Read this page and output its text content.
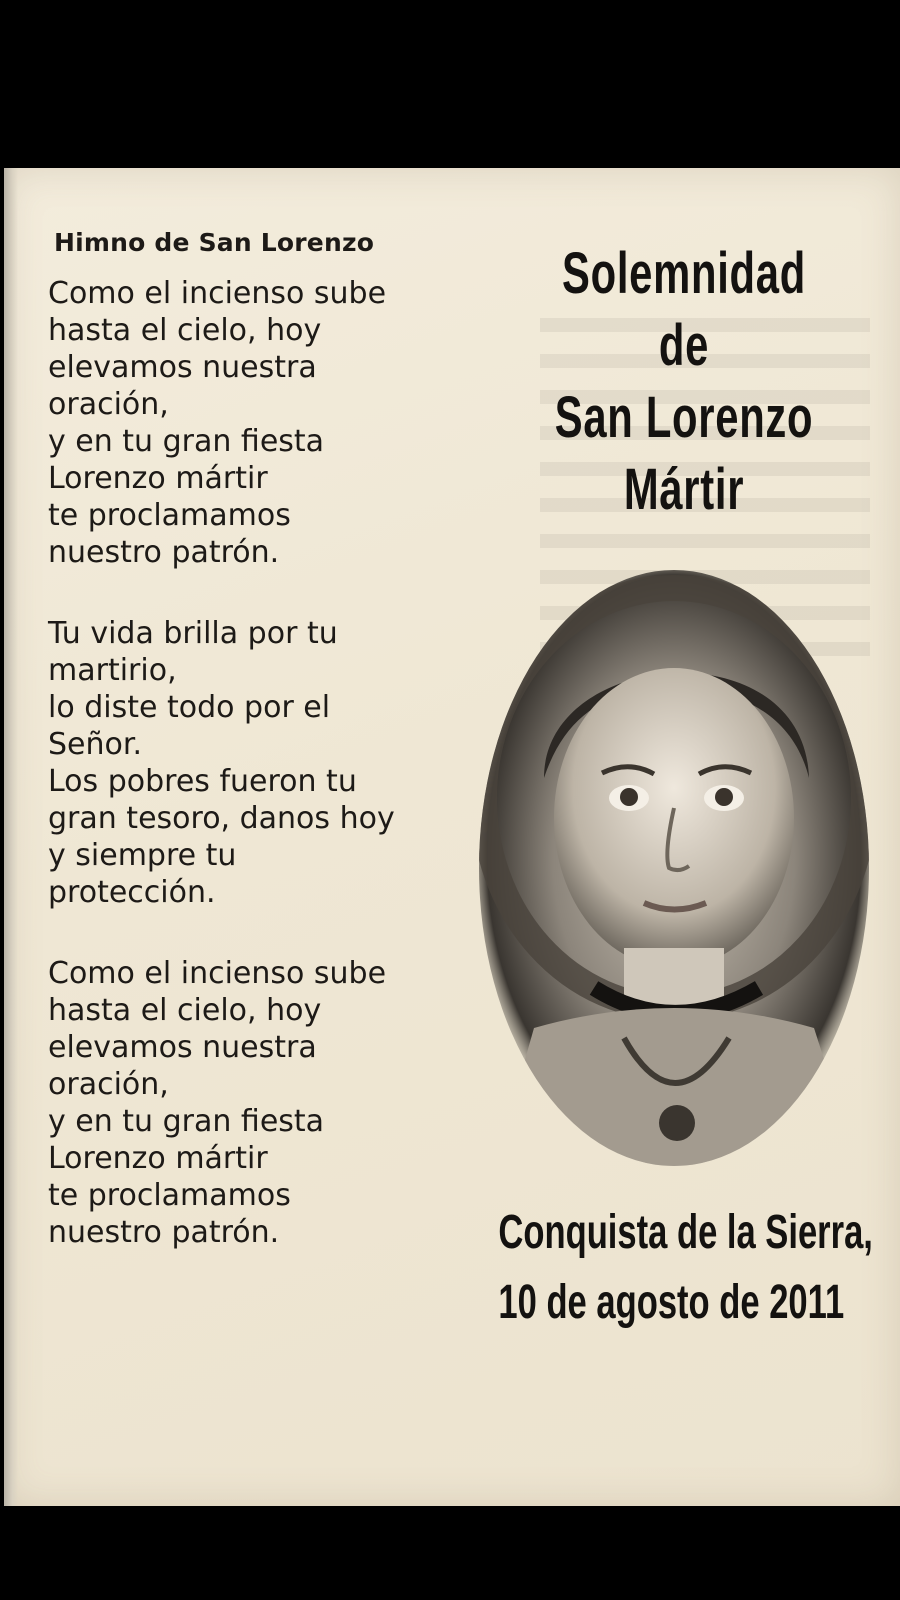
Himno de San Lorenzo
Como el incienso sube
hasta el cielo, hoy
elevamos nuestra
oración,
y en tu gran fiesta
Lorenzo mártir
te proclamamos
nuestro patrón.
Tu vida brilla por tu
martirio,
lo diste todo por el
Señor.
Los pobres fueron tu
gran tesoro, danos hoy
y siempre tu
protección.
Como el incienso sube
hasta el cielo, hoy
elevamos nuestra
oración,
y en tu gran fiesta
Lorenzo mártir
te proclamamos
nuestro patrón.
Solemnidad de
San Lorenzo
Mártir
Conquista de la Sierra,
10 de agosto de 2011
